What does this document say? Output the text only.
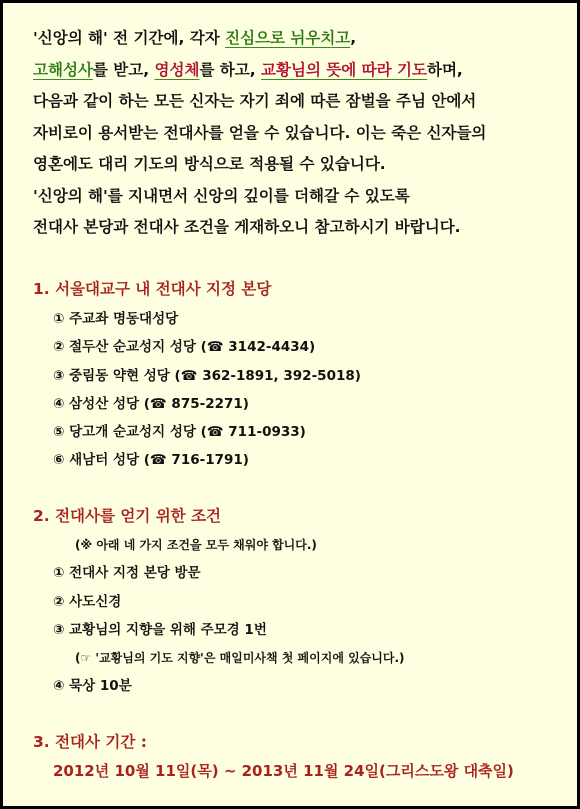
'신앙의 해' 전 기간에, 각자 진심으로 뉘우치고,
고해성사를 받고, 영성체를 하고, 교황님의 뜻에 따라 기도하며,
다음과 같이 하는 모든 신자는 자기 죄에 따른 잠벌을 주님 안에서
자비로이 용서받는 전대사를 얻을 수 있습니다. 이는 죽은 신자들의
영혼에도 대리 기도의 방식으로 적용될 수 있습니다.
'신앙의 해'를 지내면서 신앙의 깊이를 더해갈 수 있도록
전대사 본당과 전대사 조건을 게재하오니 참고하시기 바랍니다.
1. 서울대교구 내 전대사 지정 본당
① 주교좌 명동대성당
② 절두산 순교성지 성당 (☎ 3142-4434)
③ 중림동 약현 성당 (☎ 362-1891, 392-5018)
④ 삼성산 성당 (☎ 875-2271)
⑤ 당고개 순교성지 성당 (☎ 711-0933)
⑥ 새남터 성당 (☎ 716-1791)
2. 전대사를 얻기 위한 조건
(※ 아래 네 가지 조건을 모두 채워야 합니다.)
① 전대사 지정 본당 방문
② 사도신경
③ 교황님의 지향을 위해 주모경 1번
(☞ '교황님의 기도 지향'은 매일미사책 첫 페이지에 있습니다.)
④ 묵상 10분
3. 전대사 기간 :
2012년 10월 11일(목) ~ 2013년 11월 24일(그리스도왕 대축일)
